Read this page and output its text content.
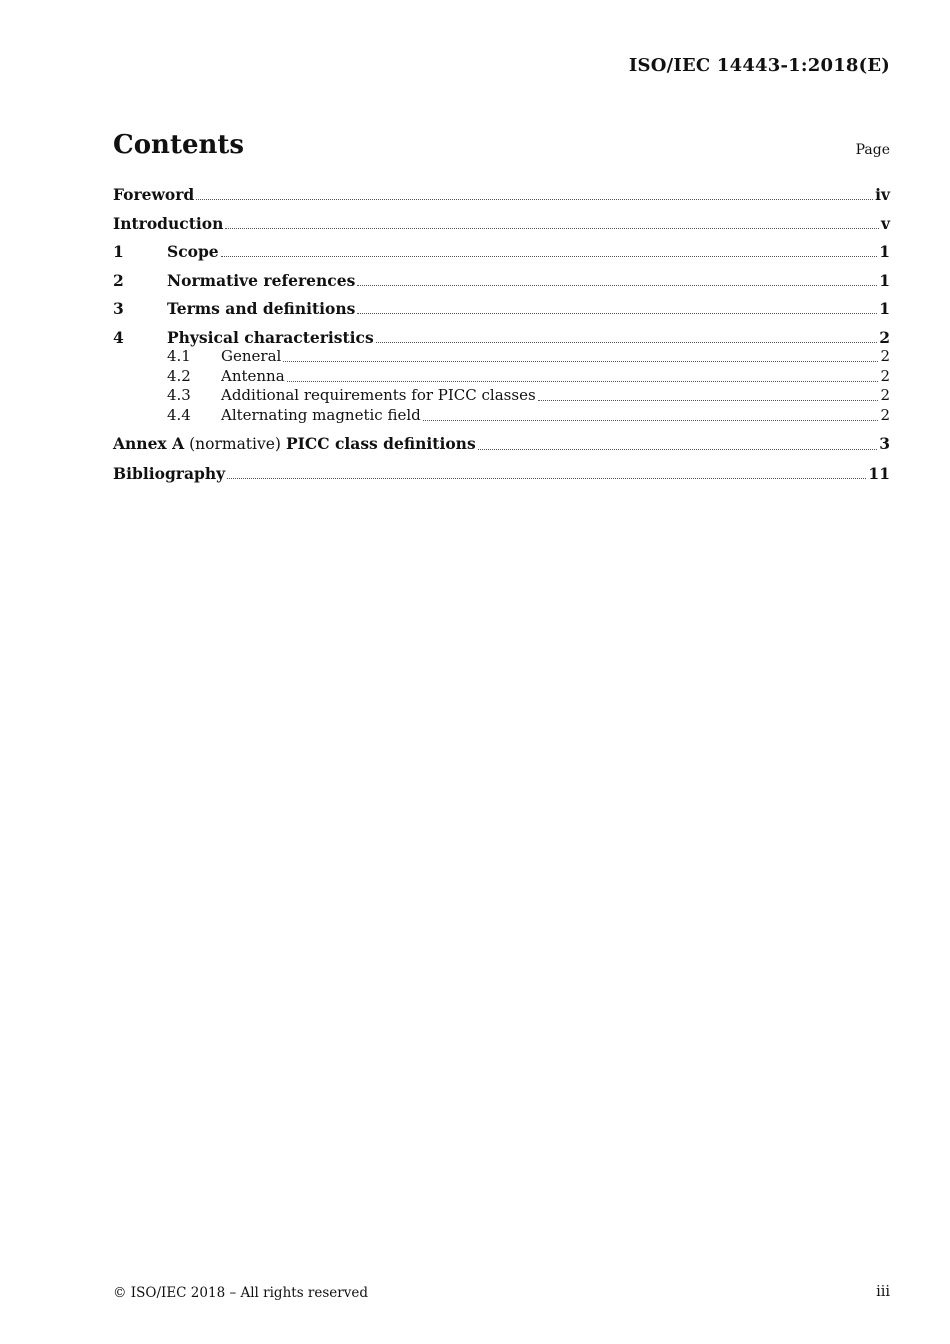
ISO/IEC 14443-1:2018(E)
Contents	Page
Foreword	iv
Introduction	v
1	Scope	1
2	Normative references	1
3	Terms and definitions	1
4	Physical characteristics	2
4.1	General	2
4.2	Antenna	2
4.3	Additional requirements for PICC classes	2
4.4	Alternating magnetic field	2
Annex A (normative) PICC class definitions	3
Bibliography	11
© ISO/IEC 2018 – All rights reserved	iii
